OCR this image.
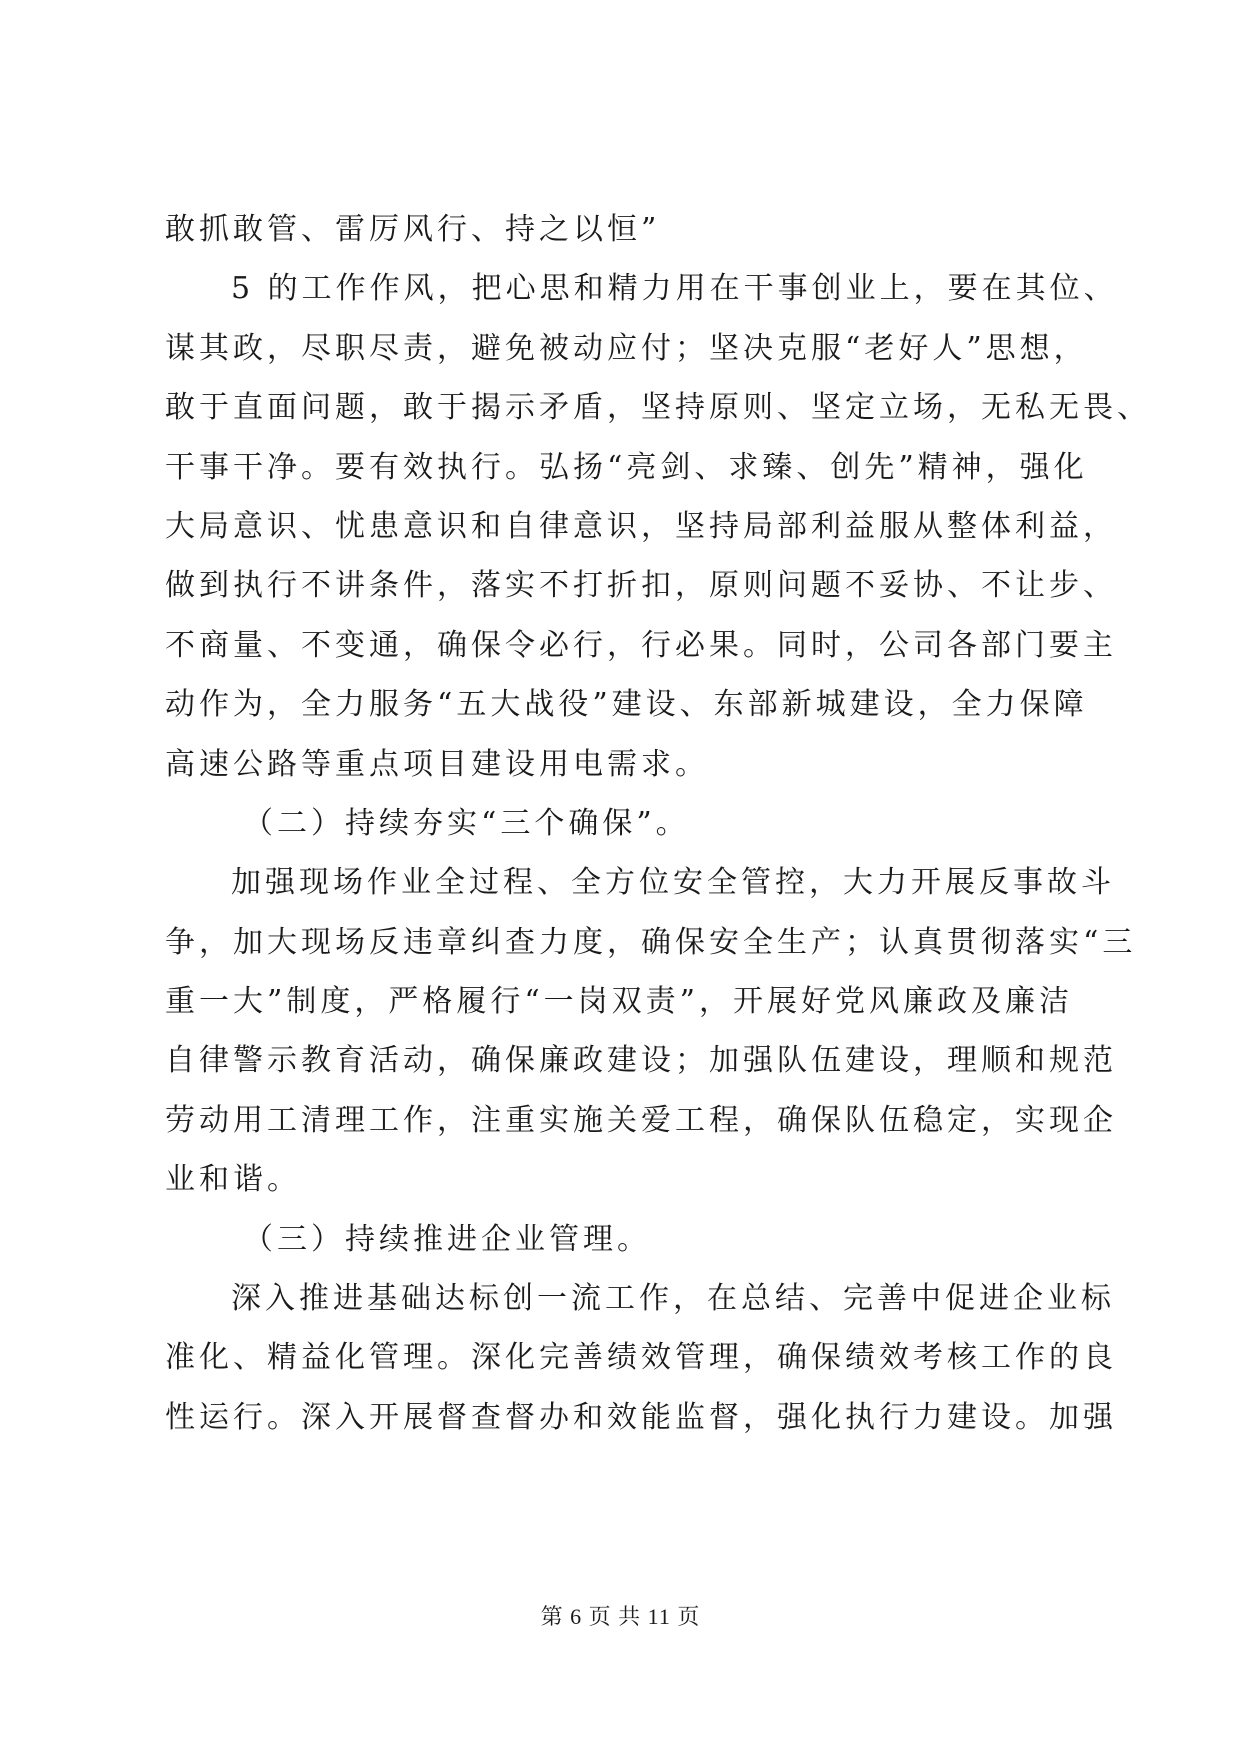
敢抓敢管、雷厉风行、持之以恒”
5 的工作作风，把心思和精力用在干事创业上，要在其位、
谋其政，尽职尽责，避免被动应付；坚决克服“老好人”思想，
敢于直面问题，敢于揭示矛盾，坚持原则、坚定立场，无私无畏、
干事干净。要有效执行。弘扬“亮剑、求臻、创先”精神，强化
大局意识、忧患意识和自律意识，坚持局部利益服从整体利益，
做到执行不讲条件，落实不打折扣，原则问题不妥协、不让步、
不商量、不变通，确保令必行，行必果。同时，公司各部门要主
动作为，全力服务“五大战役”建设、东部新城建设，全力保障
高速公路等重点项目建设用电需求。
（二）持续夯实“三个确保”。
加强现场作业全过程、全方位安全管控，大力开展反事故斗
争，加大现场反违章纠查力度，确保安全生产；认真贯彻落实“三
重一大”制度，严格履行“一岗双责”，开展好党风廉政及廉洁
自律警示教育活动，确保廉政建设；加强队伍建设，理顺和规范
劳动用工清理工作，注重实施关爱工程，确保队伍稳定，实现企
业和谐。
（三）持续推进企业管理。
深入推进基础达标创一流工作，在总结、完善中促进企业标
准化、精益化管理。深化完善绩效管理，确保绩效考核工作的良
性运行。深入开展督查督办和效能监督，强化执行力建设。加强
第 6 页 共 11 页
